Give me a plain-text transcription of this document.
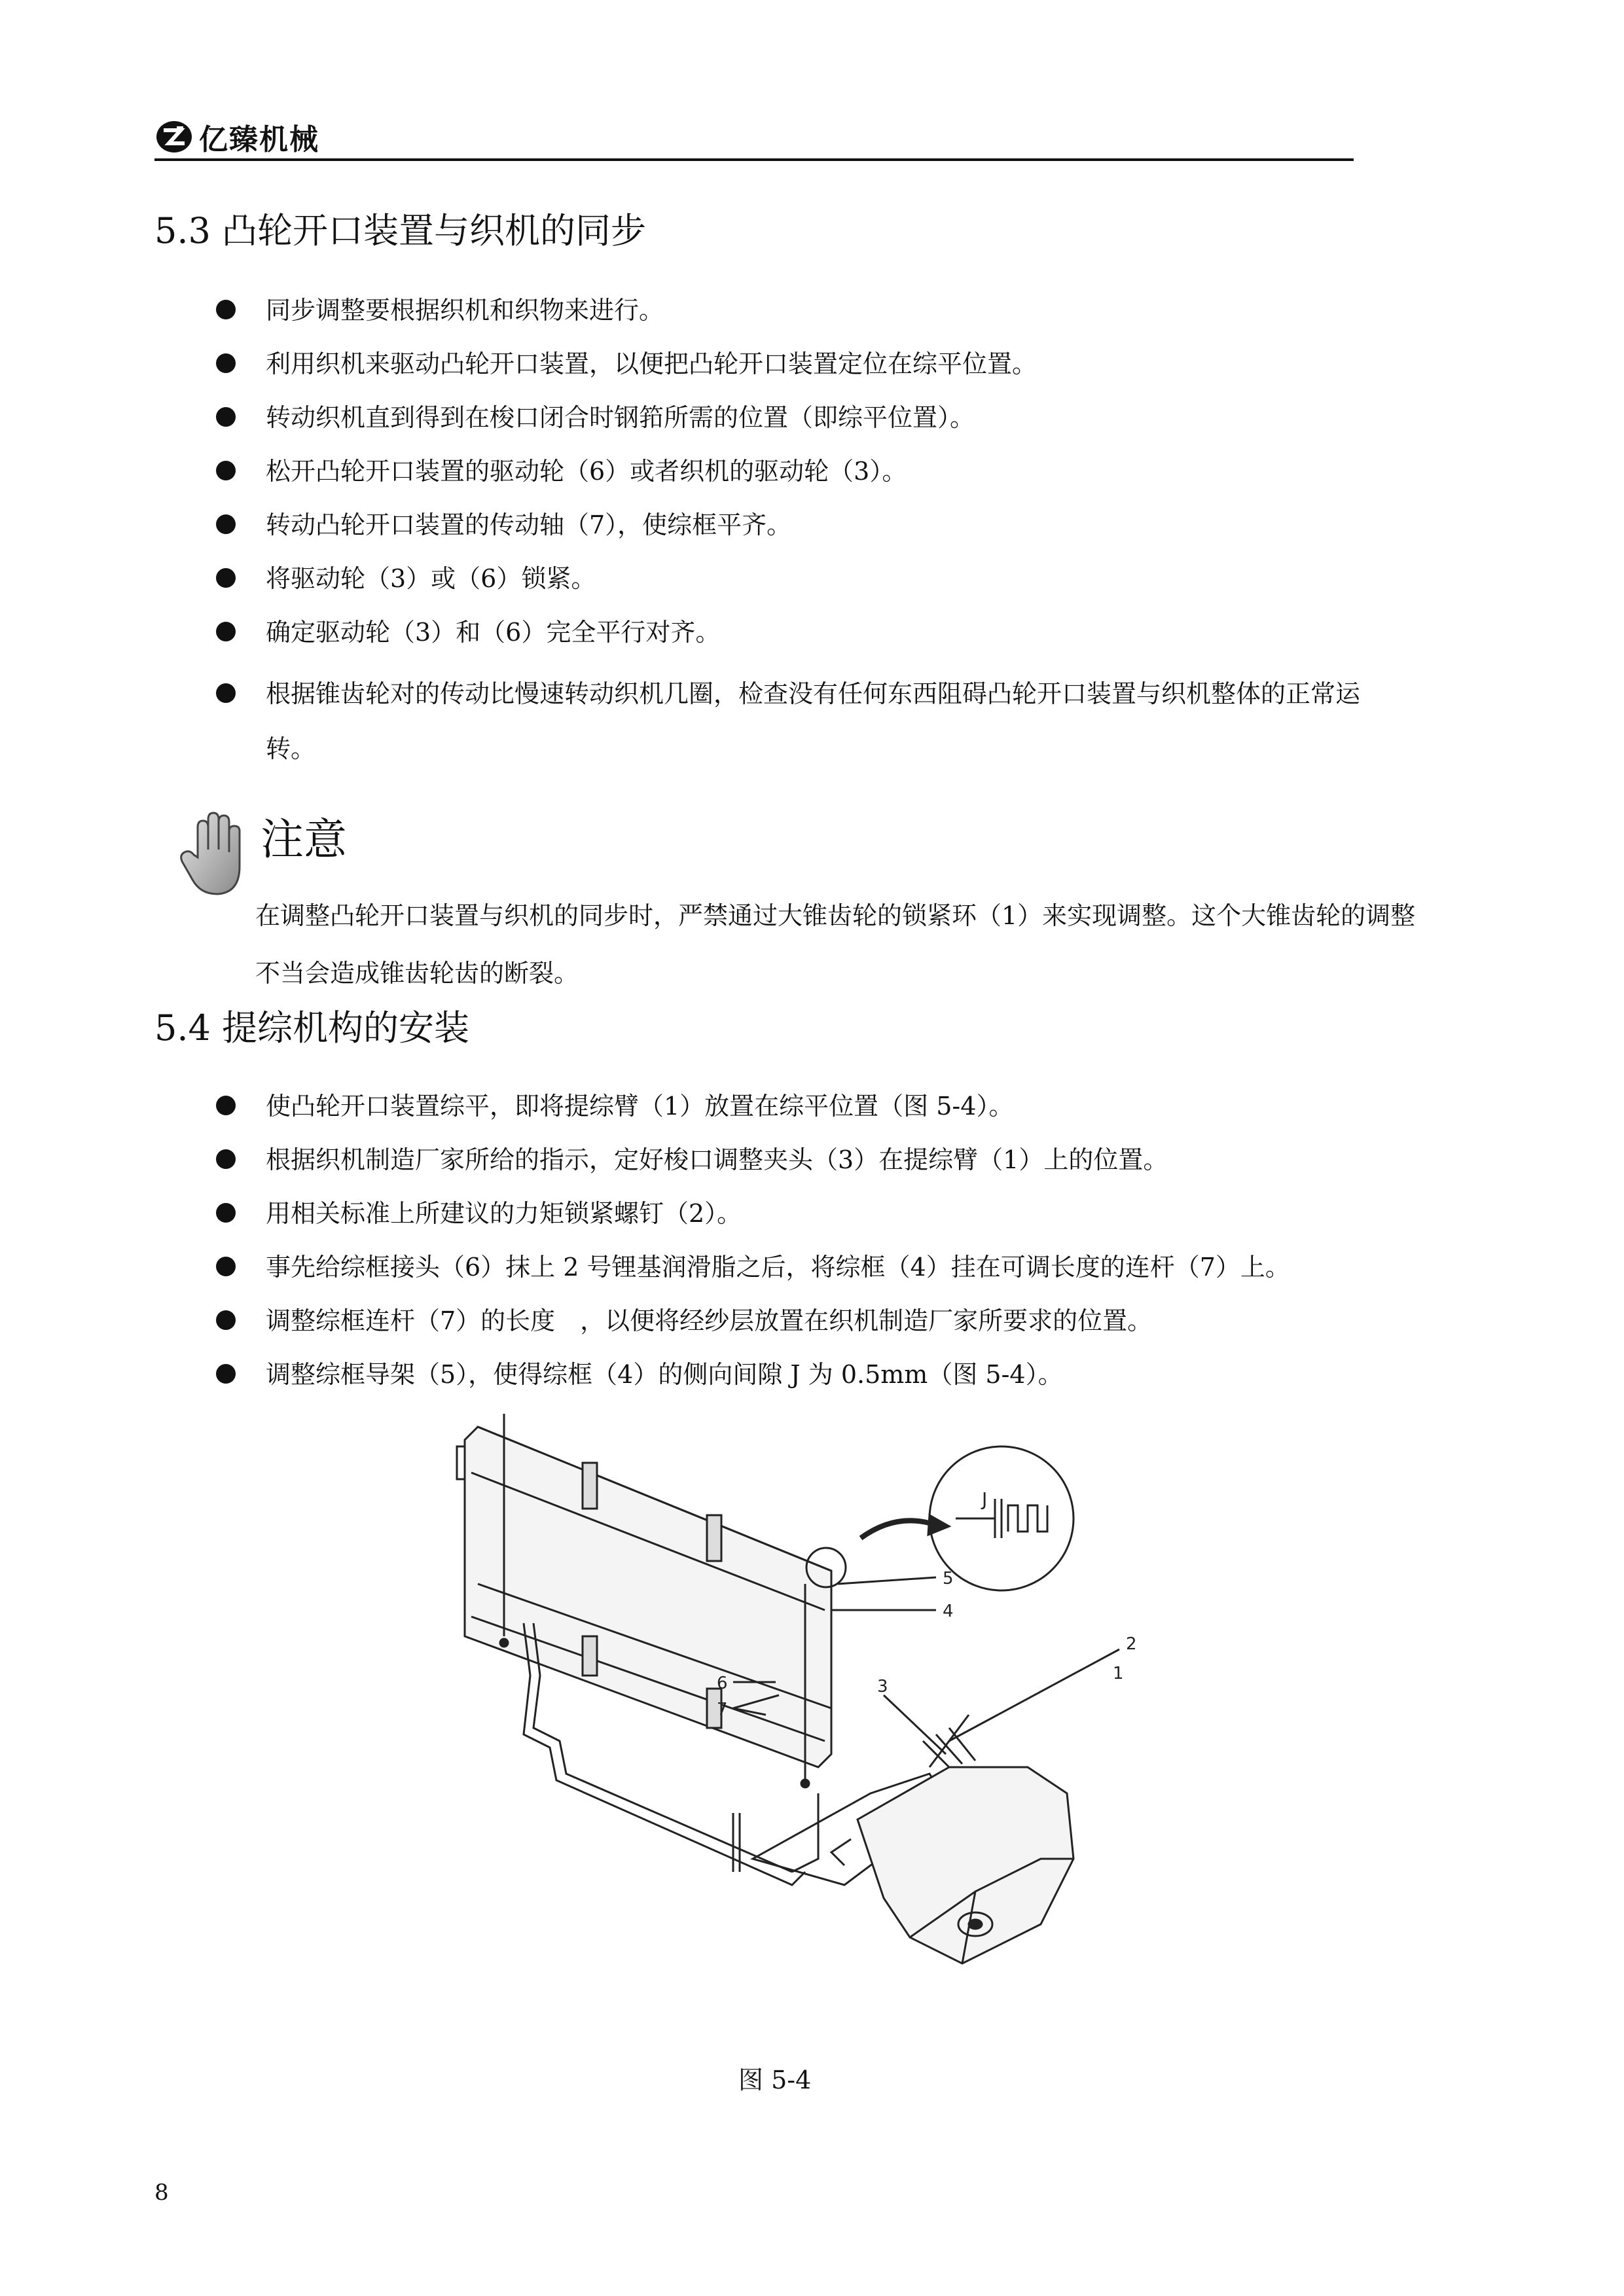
亿臻机械
5.3 凸轮开口装置与织机的同步

同步调整要根据织机和织物来进行。

利用织机来驱动凸轮开口装置，以便把凸轮开口装置定位在综平位置。

转动织机直到得到在梭口闭合时钢筘所需的位置（即综平位置）。

松开凸轮开口装置的驱动轮（6）或者织机的驱动轮（3）。

转动凸轮开口装置的传动轴（7），使综框平齐。

将驱动轮（3）或（6）锁紧。

确定驱动轮（3）和（6）完全平行对齐。

根据锥齿轮对的传动比慢速转动织机几圈，检查没有任何东西阻碍凸轮开口装置与织机整体的正常运转。

注意
在调整凸轮开口装置与织机的同步时，严禁通过大锥齿轮的锁紧环（1）来实现调整。这个大锥齿轮的调整不当会造成锥齿轮齿的断裂。
5.4 提综机构的安装

使凸轮开口装置综平，即将提综臂（1）放置在综平位置（图 5-4）。

根据织机制造厂家所给的指示，定好梭口调整夹头（3）在提综臂（1）上的位置。

用相关标准上所建议的力矩锁紧螺钉（2）。

事先给综框接头（6）抹上 2 号锂基润滑脂之后，将综框（4）挂在可调长度的连杆（7）上。

调整综框连杆（7）的长度　，以便将经纱层放置在织机制造厂家所要求的位置。

调整综框导架（5），使得综框（4）的侧向间隙 J 为 0.5mm（图 5-4）。

J
5
4
6
7
3
2
1
图 5-4
8
